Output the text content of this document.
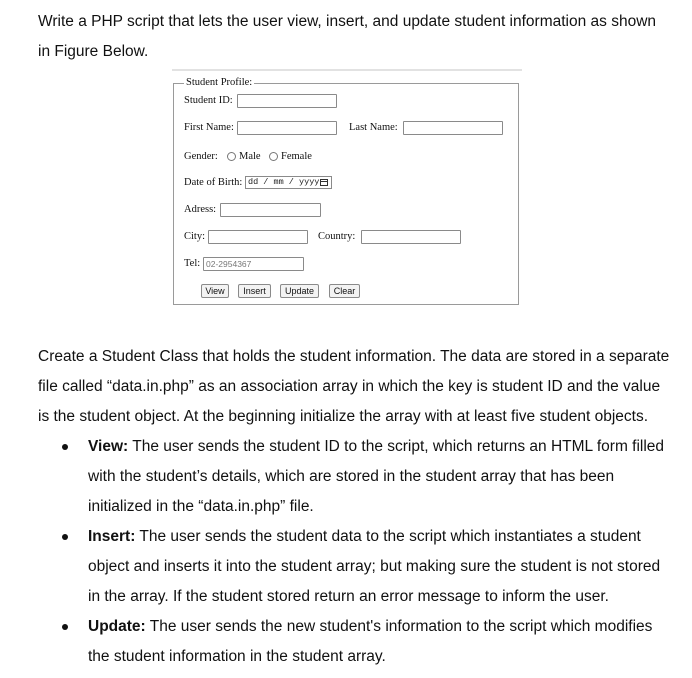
Write a PHP script that lets the user view, insert, and update student information as shown
in Figure Below.
Student Profile:
Student ID:
First Name:	Last Name:
Gender: Male Female
Date of Birth: dd / mm / yyyy
Adress:
City:	Country:
Tel: 02-2954367
View	Insert	Update	Clear
Create a Student Class that holds the student information. The data are stored in a separate
file called “data.in.php” as an association array in which the key is student ID and the value
is the student object. At the beginning initialize the array with at least five student objects.
View: The user sends the student ID to the script, which returns an HTML form filled
with the student’s details, which are stored in the student array that has been
initialized in the “data.in.php” file.
Insert: The user sends the student data to the script which instantiates a student
object and inserts it into the student array; but making sure the student is not stored
in the array. If the student stored return an error message to inform the user.
Update: The user sends the new student's information to the script which modifies
the student information in the student array.
